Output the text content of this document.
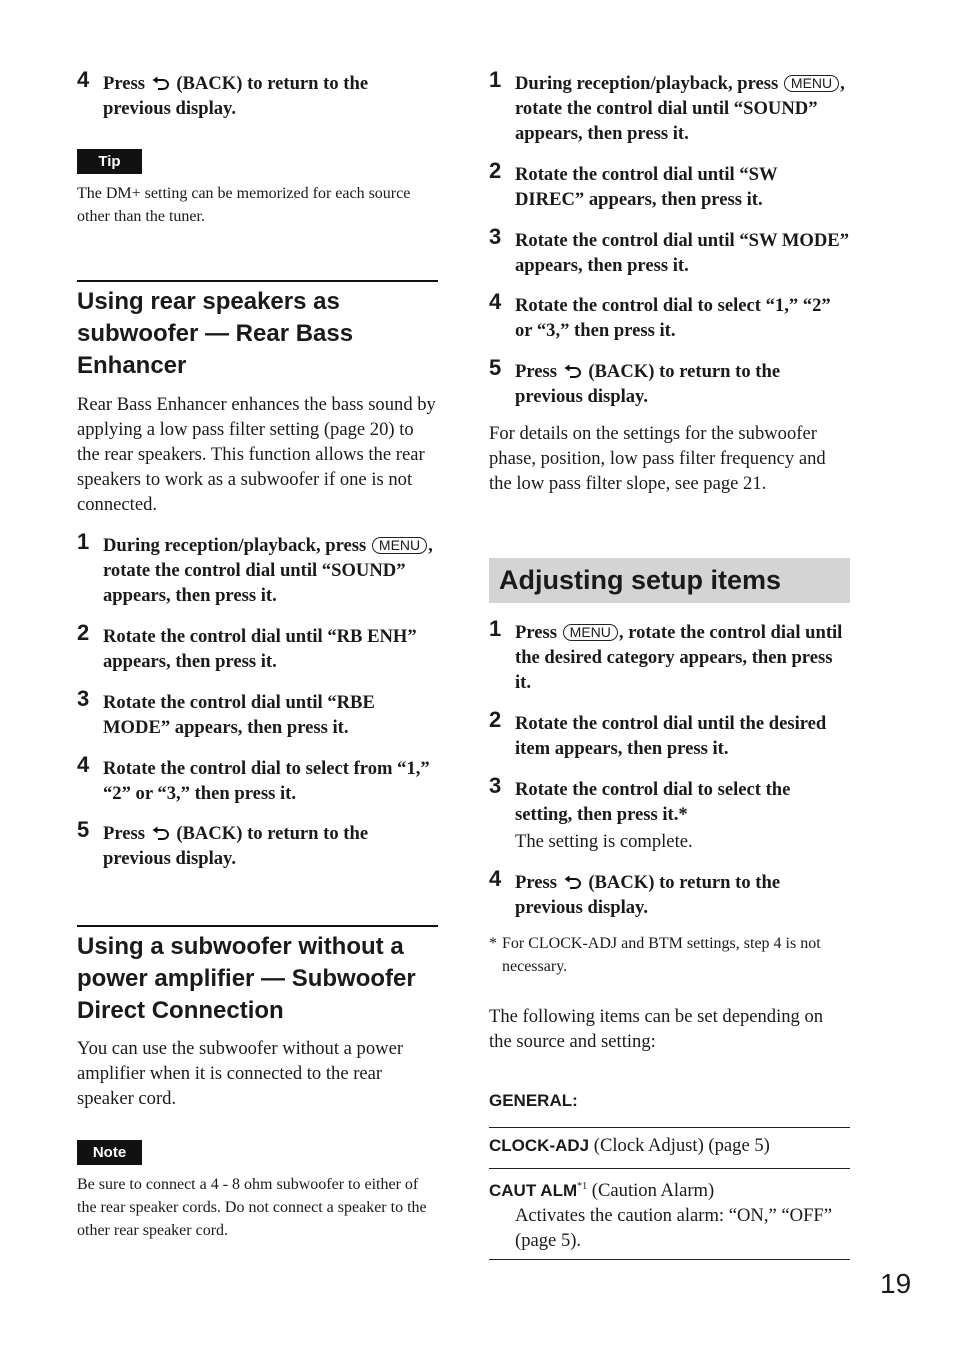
4 Press (BACK) to return to the previous display.
Tip
The DM+ setting can be memorized for each source other than the tuner.
Using rear speakers as subwoofer — Rear Bass Enhancer
Rear Bass Enhancer enhances the bass sound by applying a low pass filter setting (page 20) to the rear speakers. This function allows the rear speakers to work as a subwoofer if one is not connected.
1 During reception/playback, press MENU , rotate the control dial until “SOUND” appears, then press it.
2 Rotate the control dial until “RB ENH” appears, then press it.
3 Rotate the control dial until “RBE MODE” appears, then press it.
4 Rotate the control dial to select from “1,” “2” or “3,” then press it.
5 Press (BACK) to return to the previous display.
Using a subwoofer without a power amplifier — Subwoofer Direct Connection
You can use the subwoofer without a power amplifier when it is connected to the rear speaker cord.
Note
Be sure to connect a 4 - 8 ohm subwoofer to either of the rear speaker cords. Do not connect a speaker to the other rear speaker cord.
1 During reception/playback, press MENU , rotate the control dial until “SOUND” appears, then press it.
2 Rotate the control dial until “SW DIREC” appears, then press it.
3 Rotate the control dial until “SW MODE” appears, then press it.
4 Rotate the control dial to select “1,” “2” or “3,” then press it.
5 Press (BACK) to return to the previous display.
For details on the settings for the subwoofer phase, position, low pass filter frequency and the low pass filter slope, see page 21.
Adjusting setup items
1 Press MENU , rotate the control dial until the desired category appears, then press it.
2 Rotate the control dial until the desired item appears, then press it.
3 Rotate the control dial to select the setting, then press it.*
The setting is complete.
4 Press (BACK) to return to the previous display.
* For CLOCK-ADJ and BTM settings, step 4 is not necessary.
The following items can be set depending on the source and setting:
GENERAL:
CLOCK-ADJ (Clock Adjust) (page 5)
CAUT ALM$^{*1}$ (Caution Alarm)
Activates the caution alarm: “ON,” “OFF” (page 5).
19
